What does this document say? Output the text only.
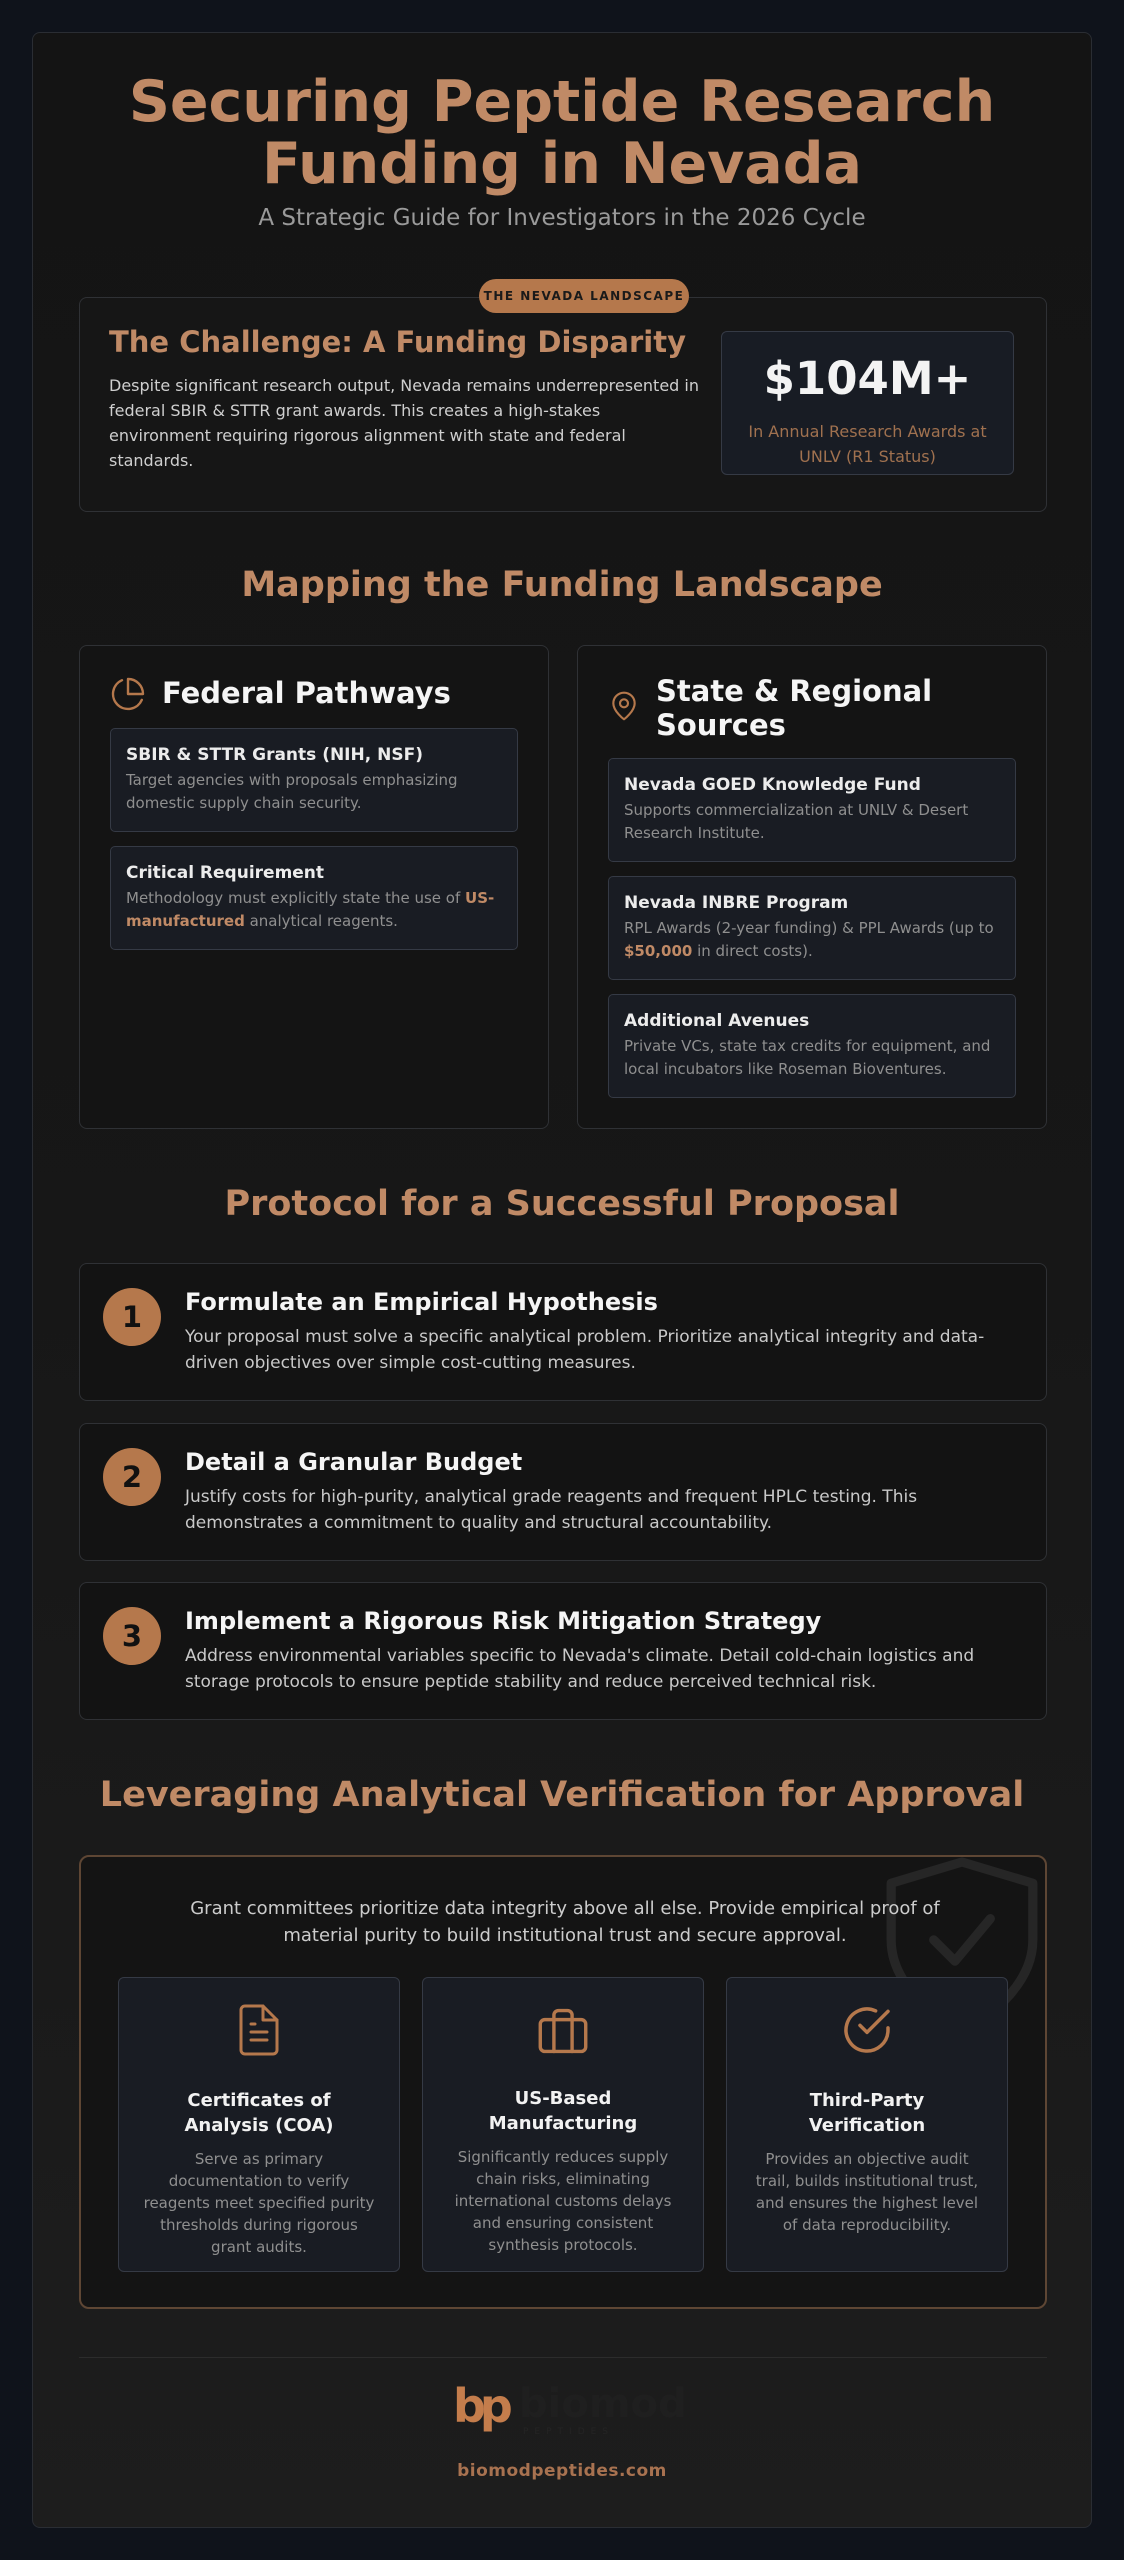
Securing Peptide Research
Funding in Nevada
A Strategic Guide for Investigators in the 2026 Cycle
THE NEVADA LANDSCAPE
The Challenge: A Funding Disparity
Despite significant research output, Nevada remains underrepresented in federal SBIR & STTR grant awards. This creates a high-stakes environment requiring rigorous alignment with state and federal standards.
$104M+
In Annual Research Awards at UNLV (R1 Status)
Mapping the Funding Landscape
Federal Pathways
SBIR & STTR Grants (NIH, NSF)
Target agencies with proposals emphasizing domestic supply chain security.
Critical Requirement
Methodology must explicitly state the use of US-manufactured analytical reagents.
State & Regional
Sources
Nevada GOED Knowledge Fund
Supports commercialization at UNLV & Desert Research Institute.
Nevada INBRE Program
RPL Awards (2-year funding) & PPL Awards (up to $50,000 in direct costs).
Additional Avenues
Private VCs, state tax credits for equipment, and local incubators like Roseman Bioventures.
Protocol for a Successful Proposal
1	Formulate an Empirical Hypothesis
Your proposal must solve a specific analytical problem. Prioritize analytical integrity and data-driven objectives over simple cost-cutting measures.
2	Detail a Granular Budget
Justify costs for high-purity, analytical grade reagents and frequent HPLC testing. This demonstrates a commitment to quality and structural accountability.
3	Implement a Rigorous Risk Mitigation Strategy
Address environmental variables specific to Nevada's climate. Detail cold-chain logistics and storage protocols to ensure peptide stability and reduce perceived technical risk.
Leveraging Analytical Verification for Approval
Grant committees prioritize data integrity above all else. Provide empirical proof of material purity to build institutional trust and secure approval.
Certificates of Analysis (COA)
Serve as primary documentation to verify reagents meet specified purity thresholds during rigorous grant audits.
US-Based Manufacturing
Significantly reduces supply chain risks, eliminating international customs delays and ensuring consistent synthesis protocols.
Third-Party Verification
Provides an objective audit trail, builds institutional trust, and ensures the highest level of data reproducibility.
bp biomod
PEPTIDES
biomodpeptides.com
